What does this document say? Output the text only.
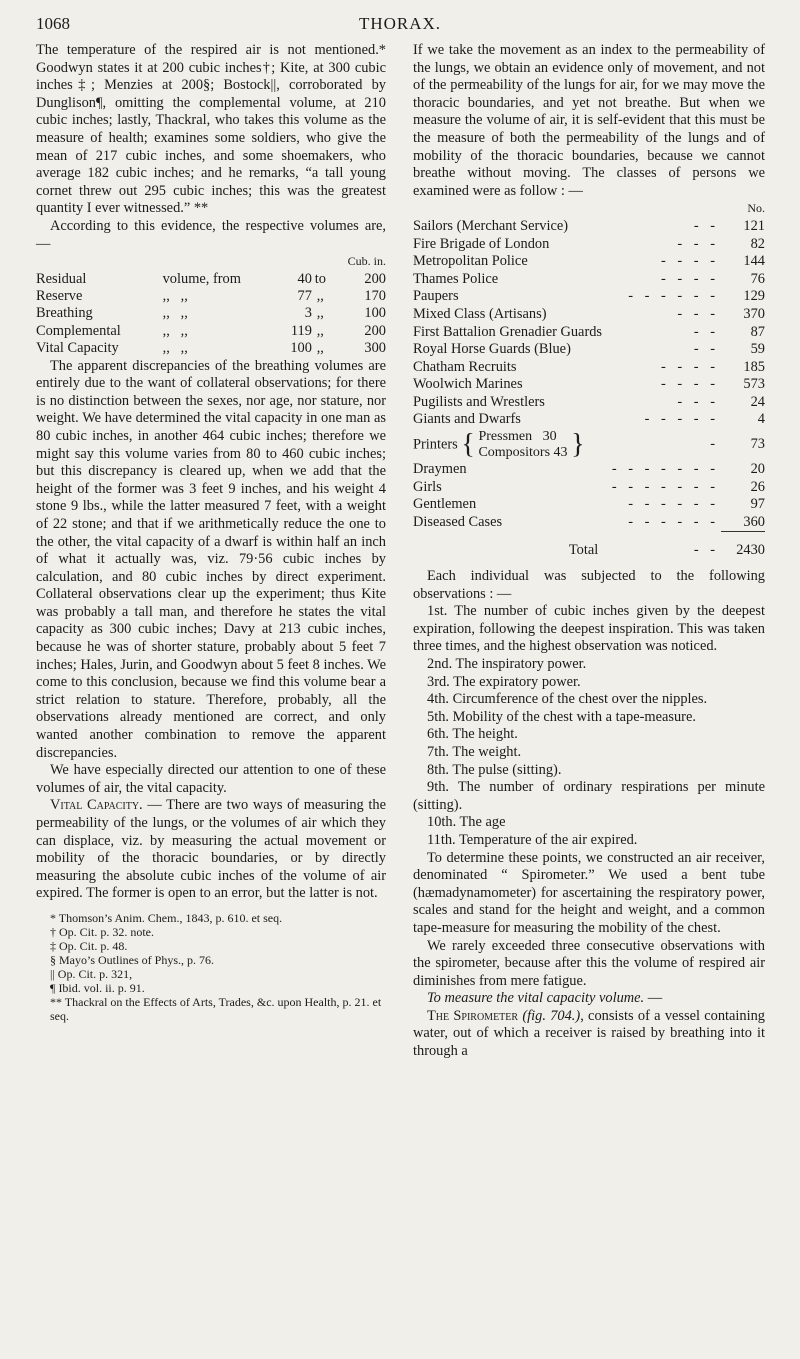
1068	THORAX.

The temperature of the respired air is not mentioned.* Goodwyn states it at 200 cubic inches†; Kite, at 300 cubic inches‡; Menzies at 200§; Bostock||, corroborated by Dunglison¶, omitting the complemental volume, at 210 cubic inches; lastly, Thackral, who takes this volume as the measure of health; examines some soldiers, who give the mean of 217 cubic inches, and some shoemakers, who average 182 cubic inches; and he remarks, “a tall young cornet threw out 295 cubic inches; this was the greatest quantity I ever witnessed.” **

According to this evidence, the respective volumes are, —

				Cub. in.
Residual	volume, from	40	to	200
Reserve	,, ,,	77	,,	170
Breathing	,, ,,	3	,,	100
Complemental	,, ,,	119	,,	200
Vital Capacity	,, ,,	100	,,	300

The apparent discrepancies of the breathing volumes are entirely due to the want of collateral observations; for there is no distinction between the sexes, nor age, nor stature, nor weight. We have determined the vital capacity in one man as 80 cubic inches, in another 464 cubic inches; therefore we might say this volume varies from 80 to 460 cubic inches; but this discrepancy is cleared up, when we add that the height of the former was 3 feet 9 inches, and his weight 4 stone 9 lbs., while the latter measured 7 feet, with a weight of 22 stone; and that if we arithmetically reduce the one to the other, the vital capacity of a dwarf is within half an inch of what it actually was, viz. 79·56 cubic inches by calculation, and 80 cubic inches by direct experiment. Collateral observations clear up the experiment; thus Kite was probably a tall man, and therefore he states the vital capacity as 300 cubic inches; Davy at 213 cubic inches, because he was of shorter stature, probably about 5 feet 7 inches; Hales, Jurin, and Goodwyn about 5 feet 8 inches. We come to this conclusion, because we find this volume bear a strict relation to stature. Therefore, probably, all the observations already mentioned are correct, and only wanted another combination to remove the apparent discrepancies.

We have especially directed our attention to one of these volumes of air, the vital capacity.

Vital Capacity. — There are two ways of measuring the permeability of the lungs, or the volumes of air which they can displace, viz. by measuring the actual movement or mobility of the thoracic boundaries, or by directly measuring the absolute cubic inches of the volume of air expired. The former is open to an error, but the latter is not.

* Thomson’s Anim. Chem., 1843, p. 610. et seq.
† Op. Cit. p. 32. note.
‡ Op. Cit. p. 48.
§ Mayo’s Outlines of Phys., p. 76.
|| Op. Cit. p. 321,
¶ Ibid. vol. ii. p. 91.
** Thackral on the Effects of Arts, Trades, &c. upon Health, p. 21. et seq.

If we take the movement as an index to the permeability of the lungs, we obtain an evidence only of movement, and not of the permeability of the lungs for air, for we may move the thoracic boundaries, and yet not breathe. But when we measure the volume of air, it is self-evident that this must be the measure of both the permeability of the lungs and of mobility of the thoracic boundaries, because we cannot breathe without moving. The classes of persons we examined were as follow : —

		No.
Sailors (Merchant Service)	- -	121
Fire Brigade of London	- - -	82
Metropolitan Police	- - - -	144
Thames Police	- - - -	76
Paupers	- - - - - -	129
Mixed Class (Artisans)	- - -	370
First Battalion Grenadier Guards	- -	87
Royal Horse Guards (Blue)	- -	59
Chatham Recruits	- - - -	185
Woolwich Marines	- - - -	573
Pugilists and Wrestlers	- - -	24
Giants and Dwarfs	- - - - -	4
Printers { Pressmen 30
Compositors 43 }	-	73
Draymen	- - - - - - -	20
Girls	- - - - - - -	26
Gentlemen	- - - - - -	97
Diseased Cases	- - - - - -	360
Total	- -	2430

Each individual was subjected to the following observations : —

1st. The number of cubic inches given by the deepest expiration, following the deepest inspiration. This was taken three times, and the highest observation was noticed.

2nd. The inspiratory power.

3rd. The expiratory power.

4th. Circumference of the chest over the nipples.

5th. Mobility of the chest with a tape-measure.

6th. The height.

7th. The weight.

8th. The pulse (sitting).

9th. The number of ordinary respirations per minute (sitting).

10th. The age

11th. Temperature of the air expired.

To determine these points, we constructed an air receiver, denominated “ Spirometer.” We used a bent tube (hæmadynamometer) for ascertaining the respiratory power, scales and stand for the height and weight, and a common tape-measure for measuring the mobility of the chest.

We rarely exceeded three consecutive observations with the spirometer, because after this the volume of respired air diminishes from mere fatigue.

To measure the vital capacity volume. —

The Spirometer (fig. 704.), consists of a vessel containing water, out of which a receiver is raised by breathing into it through a
